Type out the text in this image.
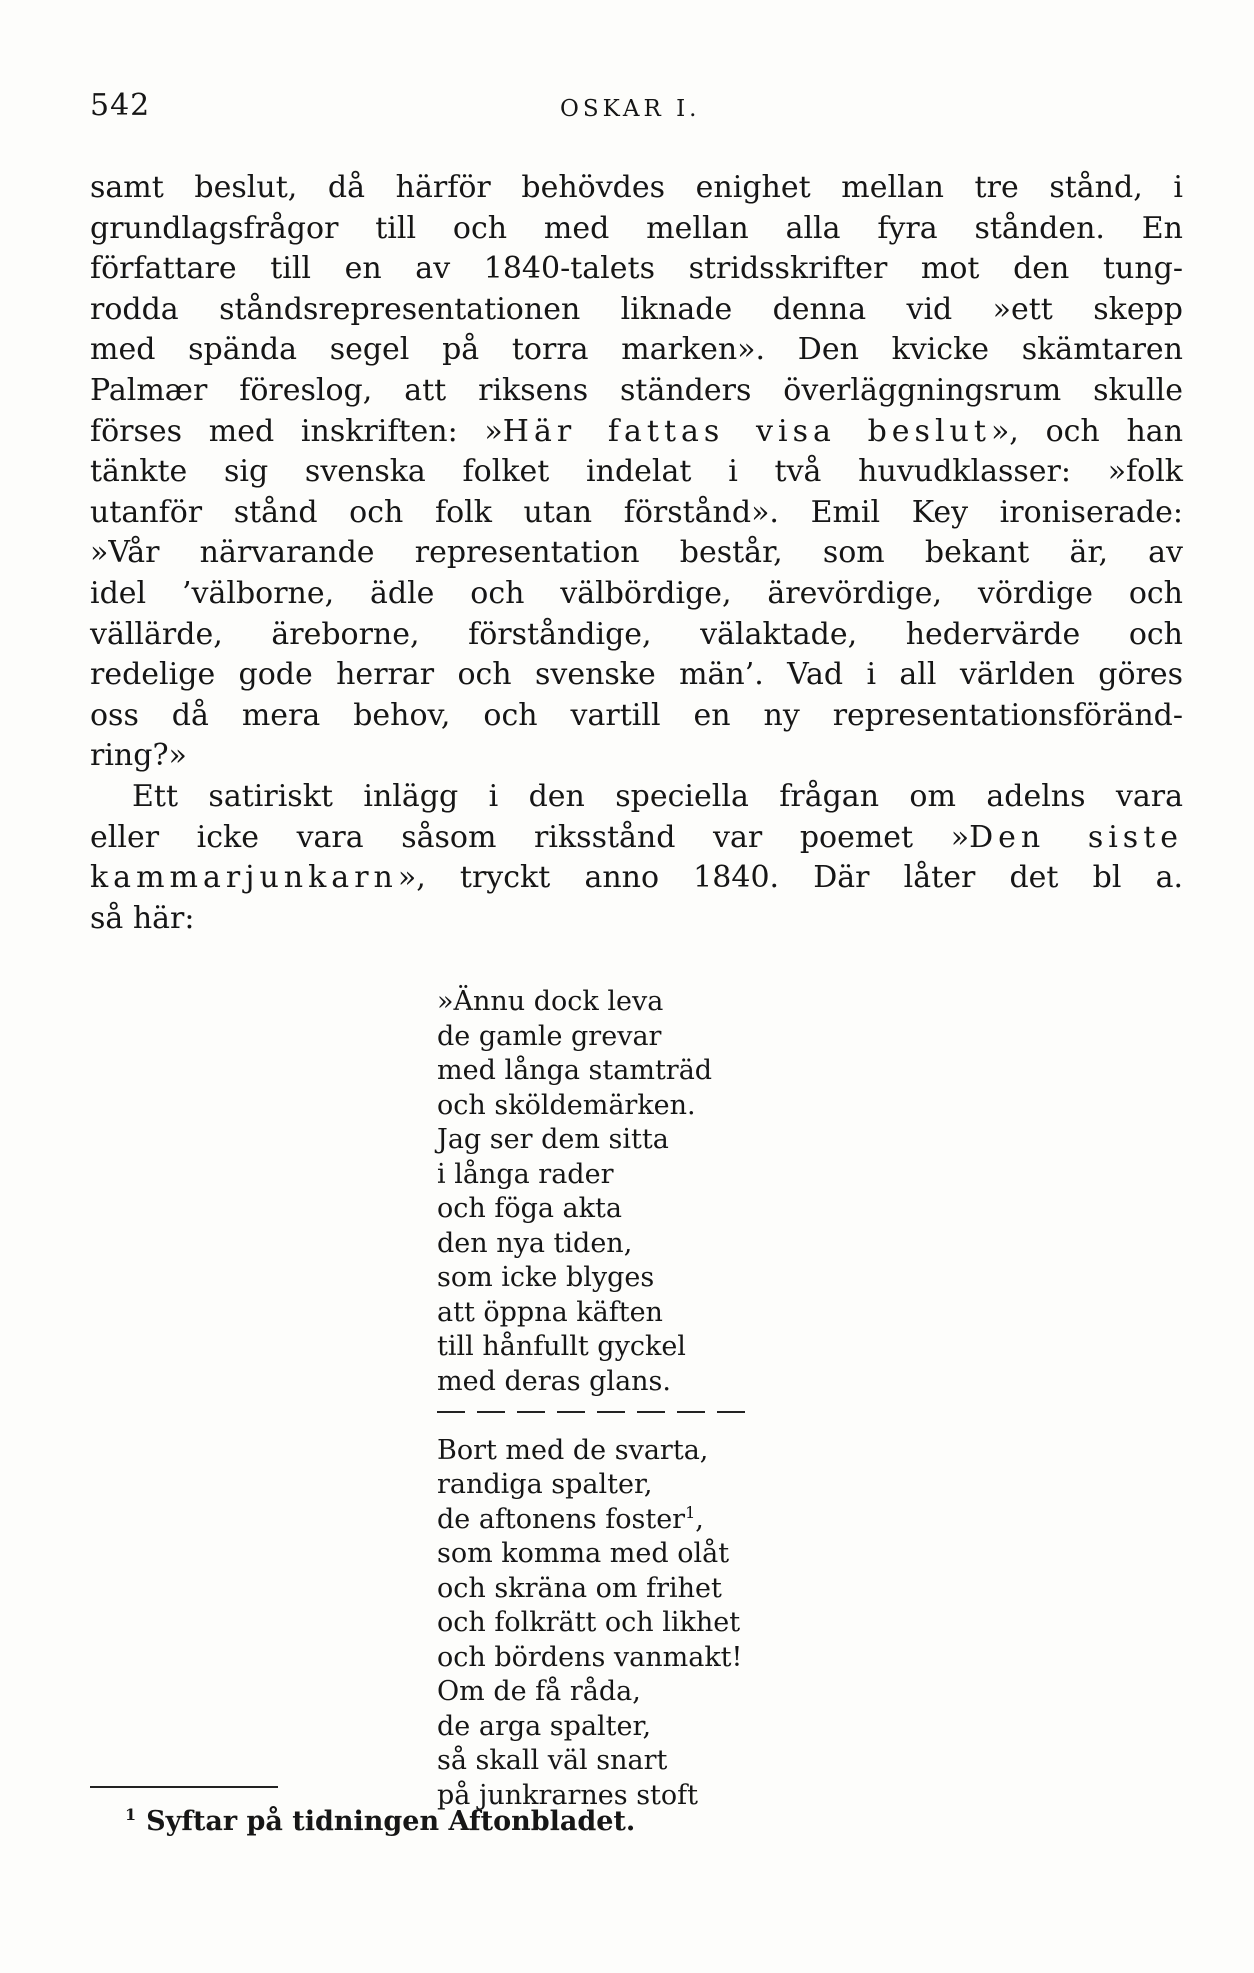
542	OSKAR I.
samt beslut, då härför behövdes enighet mellan tre stånd, i
grundlagsfrågor till och med mellan alla fyra stånden. En
författare till en av 1840-talets stridsskrifter mot den tung-
rodda ståndsrepresentationen liknade denna vid »ett skepp
med spända segel på torra marken». Den kvicke skämtaren
Palmær föreslog, att riksens ständers överläggningsrum skulle
förses med inskriften: »Här fattas visa beslut», och han
tänkte sig svenska folket indelat i två huvudklasser: »folk
utanför stånd och folk utan förstånd». Emil Key ironiserade:
»Vår närvarande representation består, som bekant är, av
idel ’välborne, ädle och välbördige, ärevördige, vördige och
vällärde, äreborne, förståndige, välaktade, hedervärde och
redelige gode herrar och svenske män’. Vad i all världen göres
oss då mera behov, och vartill en ny representationsföränd-
ring?»
Ett satiriskt inlägg i den speciella frågan om adelns vara
eller icke vara såsom riksstånd var poemet »Den siste
kammarjunkarn», tryckt anno 1840. Där låter det bl a.
så här:
»Ännu dock leva
de gamle grevar
med långa stamträd
och sköldemärken.
Jag ser dem sitta
i långa rader
och föga akta
den nya tiden,
som icke blyges
att öppna käften
till hånfullt gyckel
med deras glans.
Bort med de svarta,
randiga spalter,
de aftonens foster$^1$,
som komma med olåt
och skräna om frihet
och folkrätt och likhet
och bördens vanmakt!
Om de få råda,
de arga spalter,
så skall väl snart
på junkrarnes stoft
$^1$ Syftar på tidningen Aftonbladet.
